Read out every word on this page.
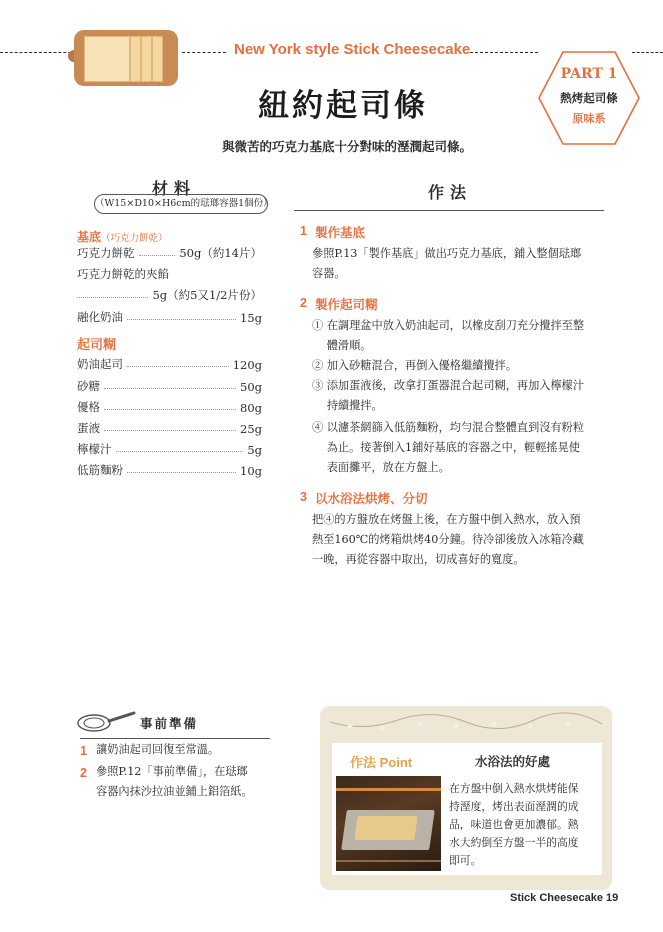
New York style Stick Cheesecake
紐約起司條
與微苦的巧克力基底十分對味的溼潤起司條。
PART 1
熱烤起司條
原味系
材料
（W15×D10×H6cm的琺瑯容器1個份）
基底（巧克力餅乾）
巧克力餅乾	50g（約14片）
巧克力餅乾的夾餡
5g（約5又1/2片份）
融化奶油	15g
起司糊
奶油起司	120g
砂糖	50g
優格	80g
蛋液	25g
檸檬汁	5g
低筋麵粉	10g
作法
1 製作基底
參照P.13「製作基底」做出巧克力基底，鋪入整個琺瑯
容器。
2 製作起司糊
① 在調理盆中放入奶油起司，以橡皮刮刀充分攪拌至整
　 體滑順。
② 加入砂糖混合，再倒入優格繼續攪拌。
③ 添加蛋液後，改拿打蛋器混合起司糊，再加入檸檬汁
　 持續攪拌。
④ 以濾茶網篩入低筋麵粉，均勻混合整體直到沒有粉粒
　 為止。接著倒入1鋪好基底的容器之中，輕輕搖晃使
　 表面攤平，放在方盤上。
3 以水浴法烘烤、分切
把④的方盤放在烤盤上後，在方盤中倒入熱水，放入預
熱至160℃的烤箱烘烤40分鐘。待冷卻後放入冰箱冷藏
一晚，再從容器中取出，切成喜好的寬度。
事前準備
1 讓奶油起司回復至常溫。
2 參照P.12「事前準備」，在琺瑯
容器內抹沙拉油並鋪上鋁箔紙。
作法 Point	水浴法的好處
在方盤中倒入熱水烘烤能保
持溼度，烤出表面溼潤的成
品，味道也會更加濃郁。熱
水大約倒至方盤一半的高度
即可。
Stick Cheesecake 19
